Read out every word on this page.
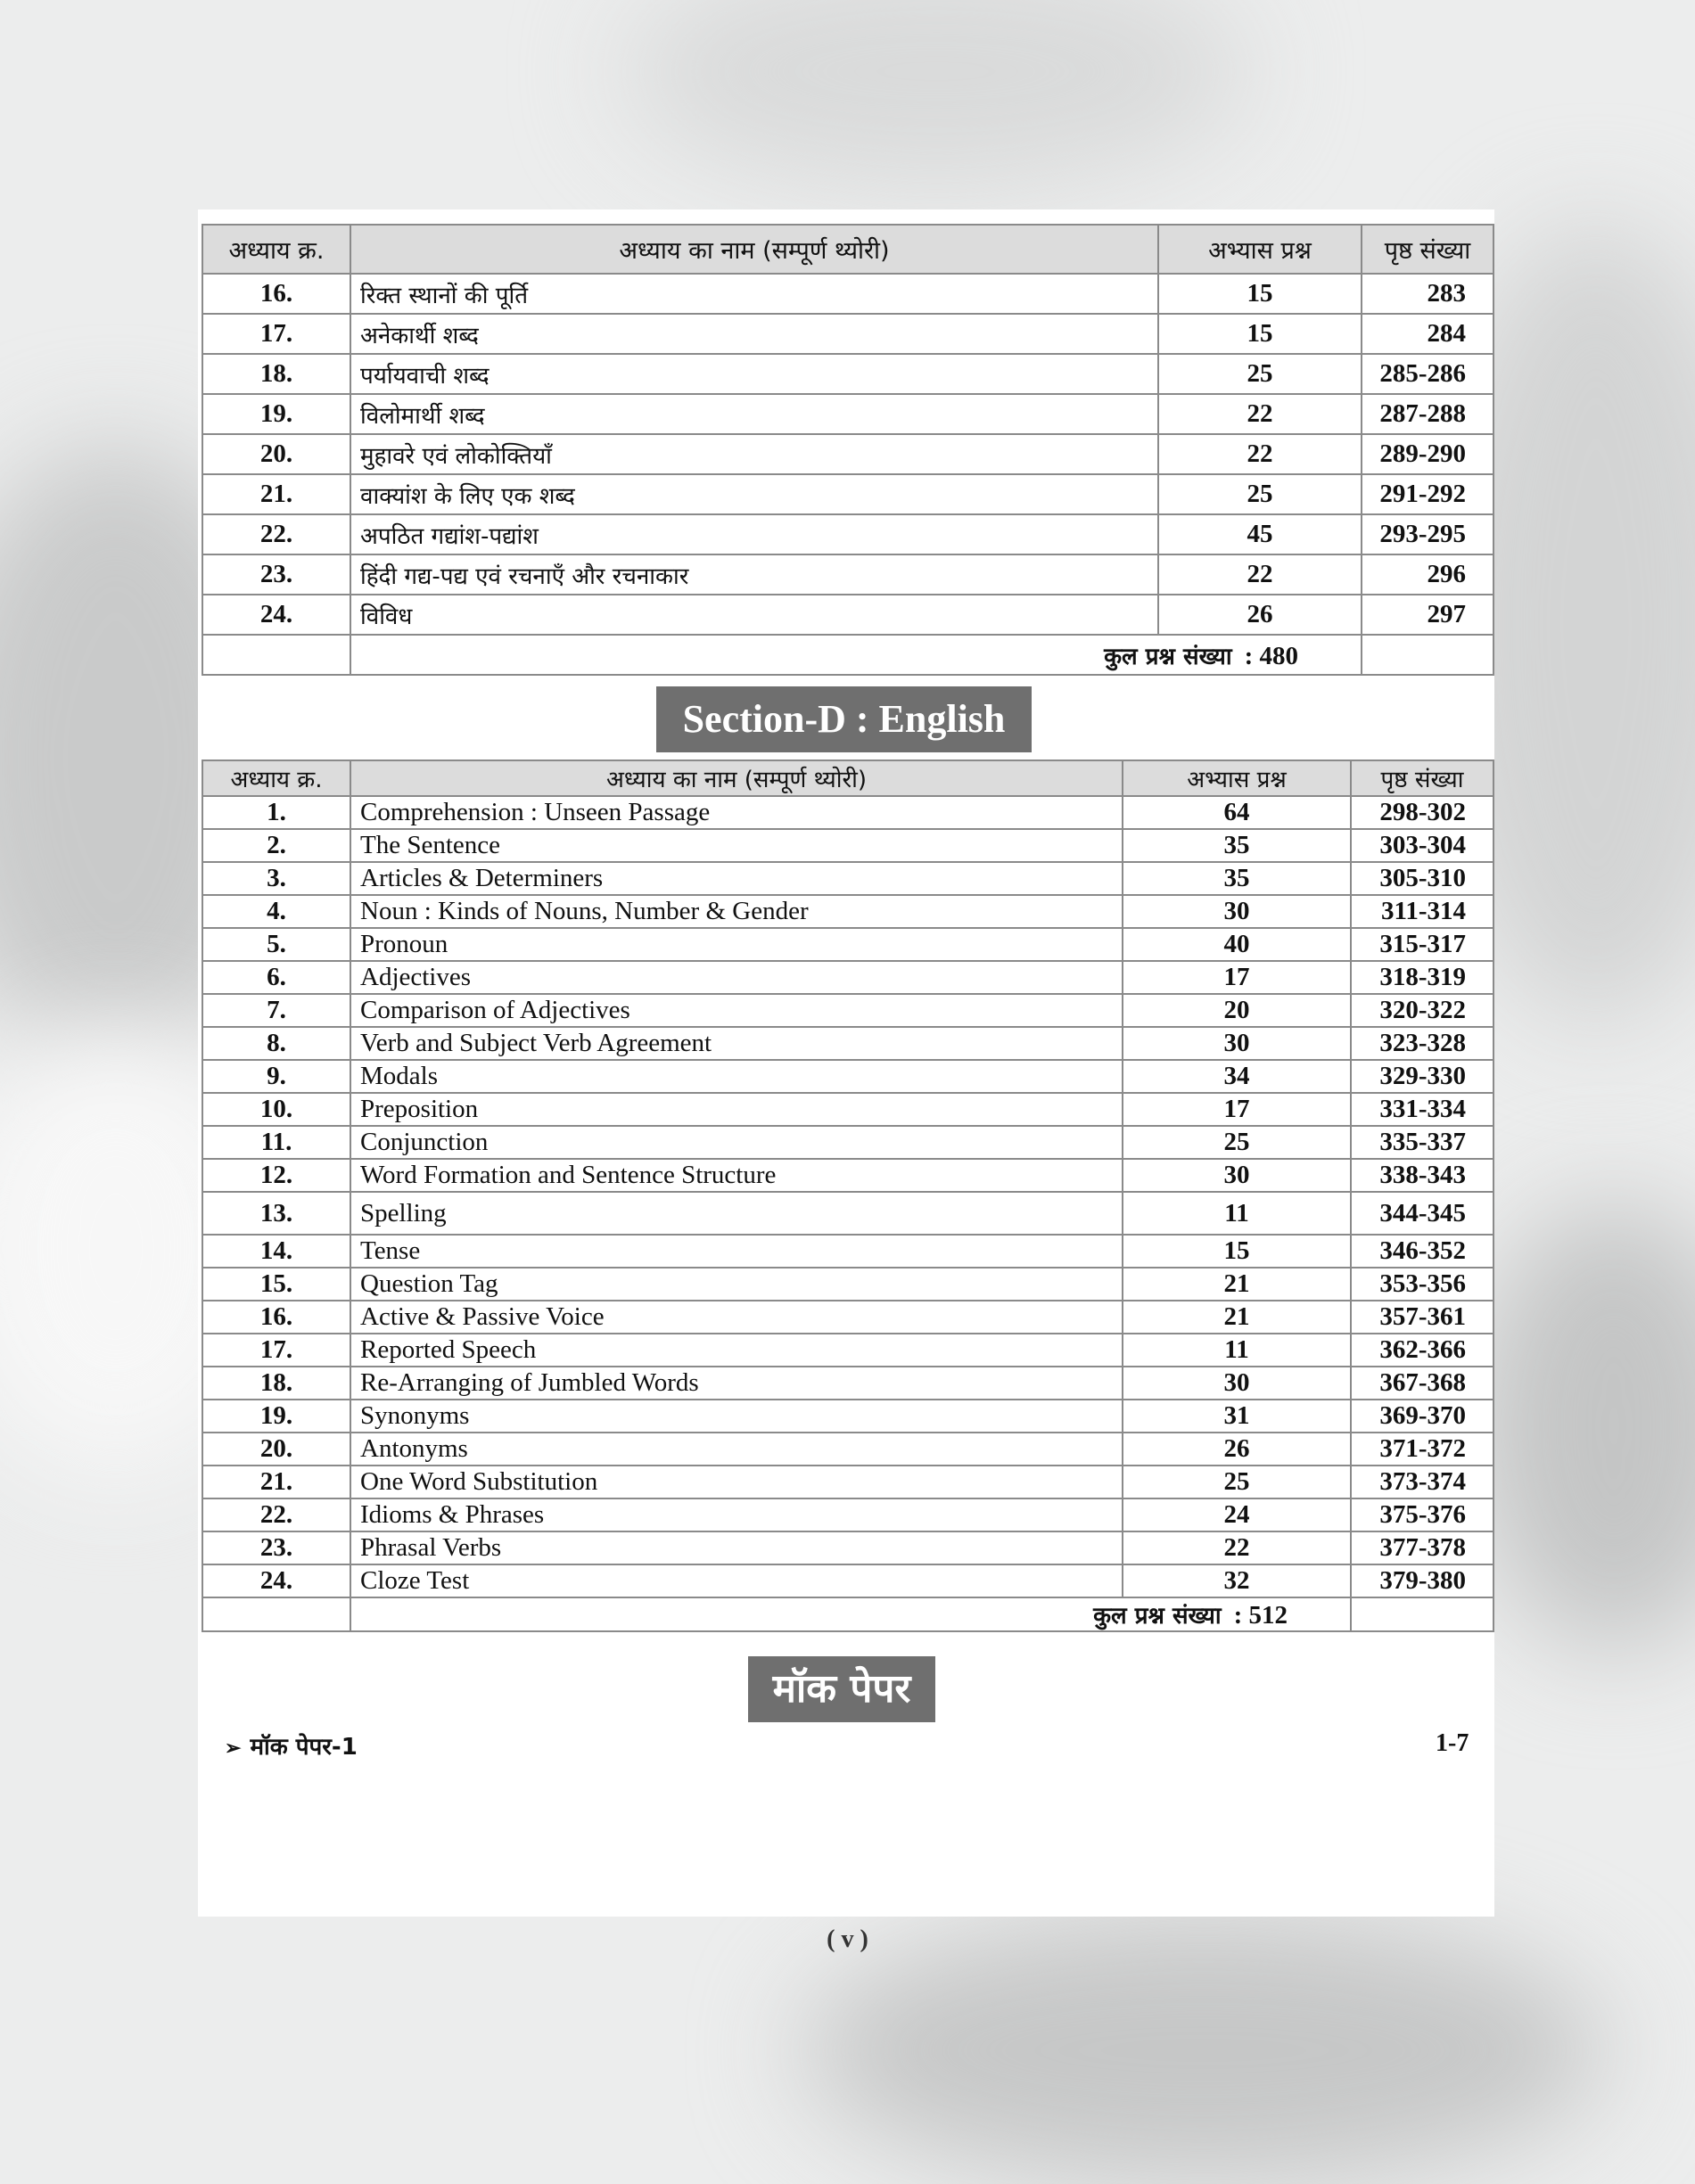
अध्याय क्र.	अध्याय का नाम (सम्पूर्ण थ्योरी)	अभ्यास प्रश्न	पृष्ठ संख्या
16.	रिक्त स्थानों की पूर्ति	15	283
17.	अनेकार्थी शब्द	15	284
18.	पर्यायवाची शब्द	25	285-286
19.	विलोमार्थी शब्द	22	287-288
20.	मुहावरे एवं लोकोक्तियाँ	22	289-290
21.	वाक्यांश के लिए एक शब्द	25	291-292
22.	अपठित गद्यांश-पद्यांश	45	293-295
23.	हिंदी गद्य-पद्य एवं रचनाएँ और रचनाकार	22	296
24.	विविध	26	297
	कुल प्रश्न संख्या : 480		
Section-D : English
अध्याय क्र.	अध्याय का नाम (सम्पूर्ण थ्योरी)	अभ्यास प्रश्न	पृष्ठ संख्या
1.	Comprehension : Unseen Passage	64	298-302
2.	The Sentence	35	303-304
3.	Articles & Determiners	35	305-310
4.	Noun : Kinds of Nouns, Number & Gender	30	311-314
5.	Pronoun	40	315-317
6.	Adjectives	17	318-319
7.	Comparison of Adjectives	20	320-322
8.	Verb and Subject Verb Agreement	30	323-328
9.	Modals	34	329-330
10.	Preposition	17	331-334
11.	Conjunction	25	335-337
12.	Word Formation and Sentence Structure	30	338-343
13.	Spelling	11	344-345
14.	Tense	15	346-352
15.	Question Tag	21	353-356
16.	Active & Passive Voice	21	357-361
17.	Reported Speech	11	362-366
18.	Re-Arranging of Jumbled Words	30	367-368
19.	Synonyms	31	369-370
20.	Antonyms	26	371-372
21.	One Word Substitution	25	373-374
22.	Idioms & Phrases	24	375-376
23.	Phrasal Verbs	22	377-378
24.	Cloze Test	32	379-380
	कुल प्रश्न संख्या : 512		
मॉक पेपर
➢ मॉक पेपर-1	1-7
( v )
